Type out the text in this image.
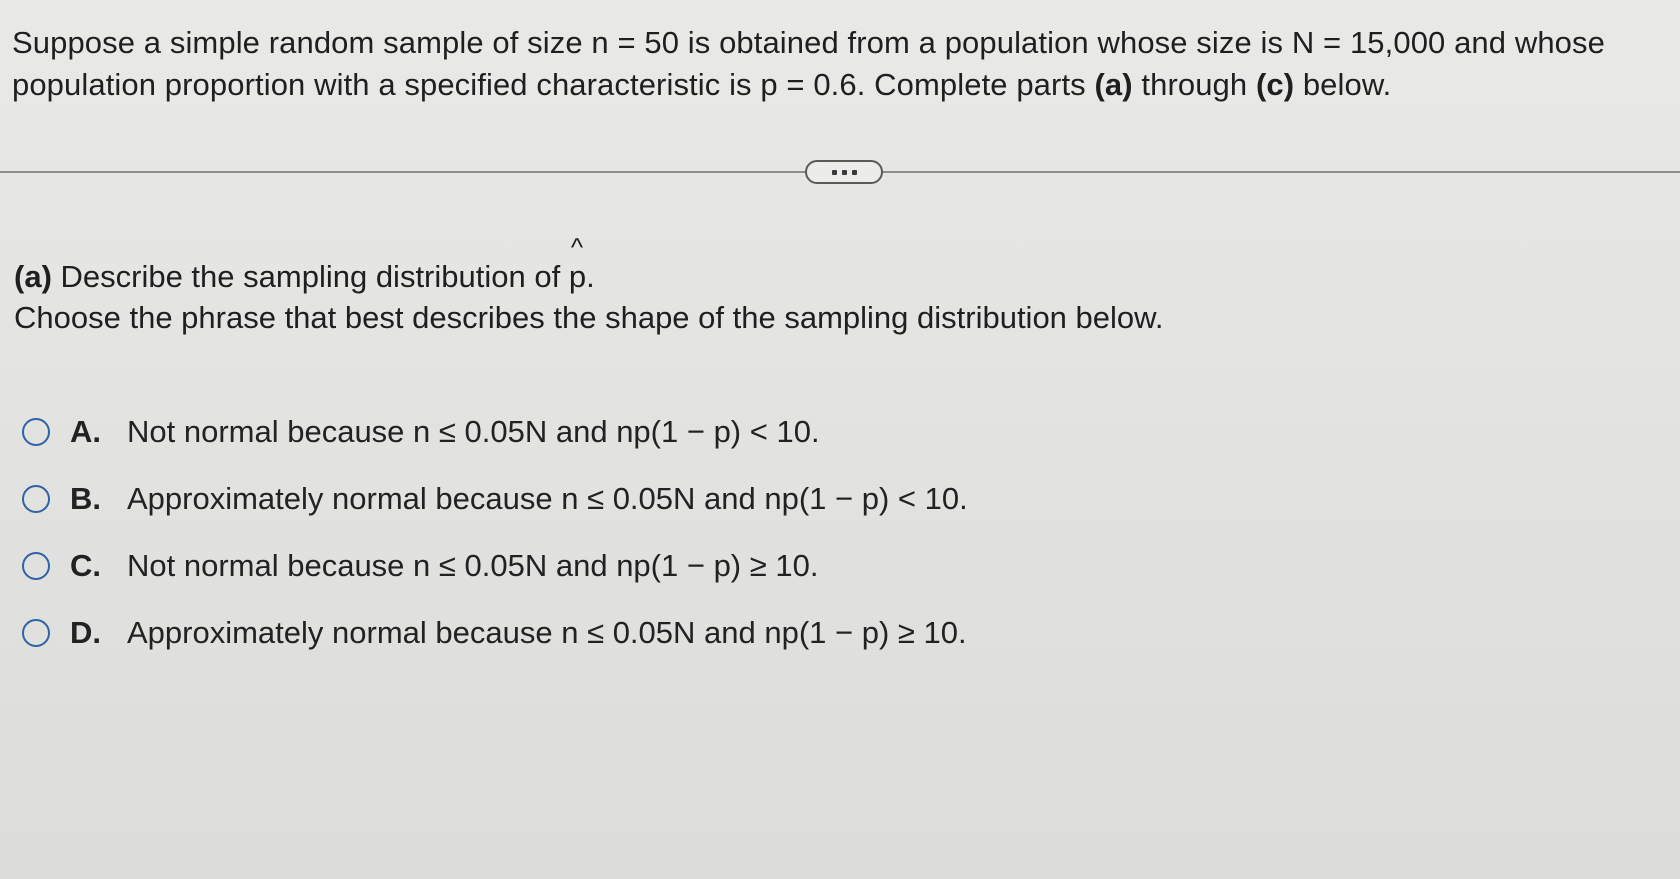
Suppose a simple random sample of size n = 50 is obtained from a population whose size is N = 15,000 and whose population proportion with a specified characteristic is p = 0.6. Complete parts (a) through (c) below.

(a) Describe the sampling distribution of
^
p.
Choose the phrase that best describes the shape of the sampling distribution below.
A. Not normal because n ≤ 0.05N and np(1 − p) < 10.
B. Approximately normal because n ≤ 0.05N and np(1 − p) < 10.
C. Not normal because n ≤ 0.05N and np(1 − p) ≥ 10.
D. Approximately normal because n ≤ 0.05N and np(1 − p) ≥ 10.
